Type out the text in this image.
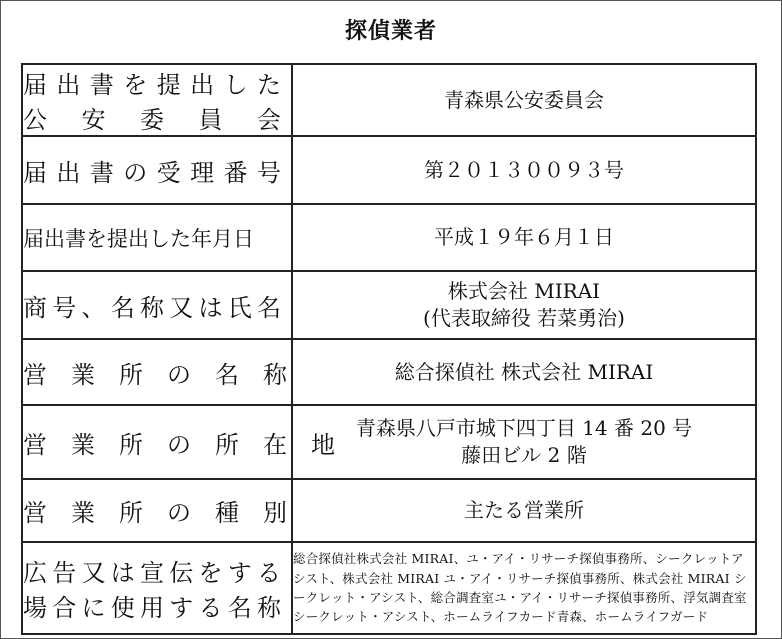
探偵業者
届出書を提出した
公　安　委　員　会	青森県公安委員会

届出書の受理番号	第２０１３００９３号

届出書を提出した年月日	平成１９年６月１日

商号、名称又は氏名	株式会社 MIRAI
(代表取締役 若菜勇治)

営　業　所　の　名　称	総合探偵社 株式会社 MIRAI

営　業　所　の　所　在　地	青森県八戸市城下四丁目 14 番 20 号
藤田ビル 2 階

営　業　所　の　種　別	主たる営業所

広告又は宣伝をする
場合に使用する名称	総合探偵社株式会社 MIRAI、ユ・アイ・リサーチ探偵事務所、シークレットアシスト、株式会社 MIRAI ユ・アイ・リサーチ探偵事務所、株式会社 MIRAI シークレット・アシスト、総合調査室ユ・アイ・リサーチ探偵事務所、浮気調査室シークレット・アシスト、ホームライフカード青森、ホームライフガード
